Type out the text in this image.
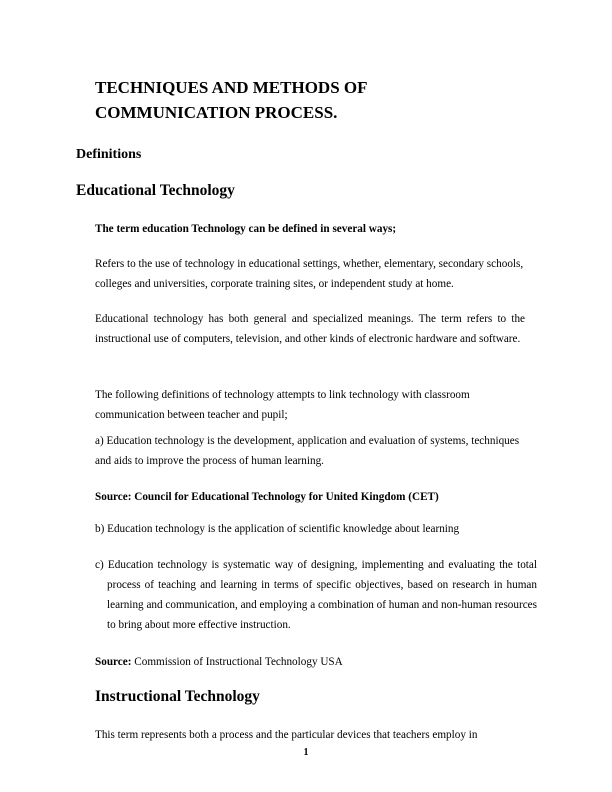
TECHNIQUES AND METHODS OF
COMMUNICATION PROCESS.
Definitions
Educational Technology

The term education Technology can be defined in several ways;

Refers to the use of technology in educational settings, whether, elementary, secondary schools, colleges and universities, corporate training sites, or independent study at home.

Educational technology has both general and specialized meanings. The term refers to the instructional use of computers, television, and other kinds of electronic hardware and software.

The following definitions of technology attempts to link technology with classroom communication between teacher and pupil;

a) Education technology is the development, application and evaluation of systems, techniques and aids to improve the process of human learning.

Source: Council for Educational Technology for United Kingdom (CET)

b) Education technology is the application of scientific knowledge about learning

c) Education technology is systematic way of designing, implementing and evaluating the total process of teaching and learning in terms of specific objectives, based on research in human learning and communication, and employing a combination of human and non-human resources to bring about more effective instruction.

Source: Commission of Instructional Technology USA

Instructional Technology

This term represents both a process and the particular devices that teachers employ in

1
